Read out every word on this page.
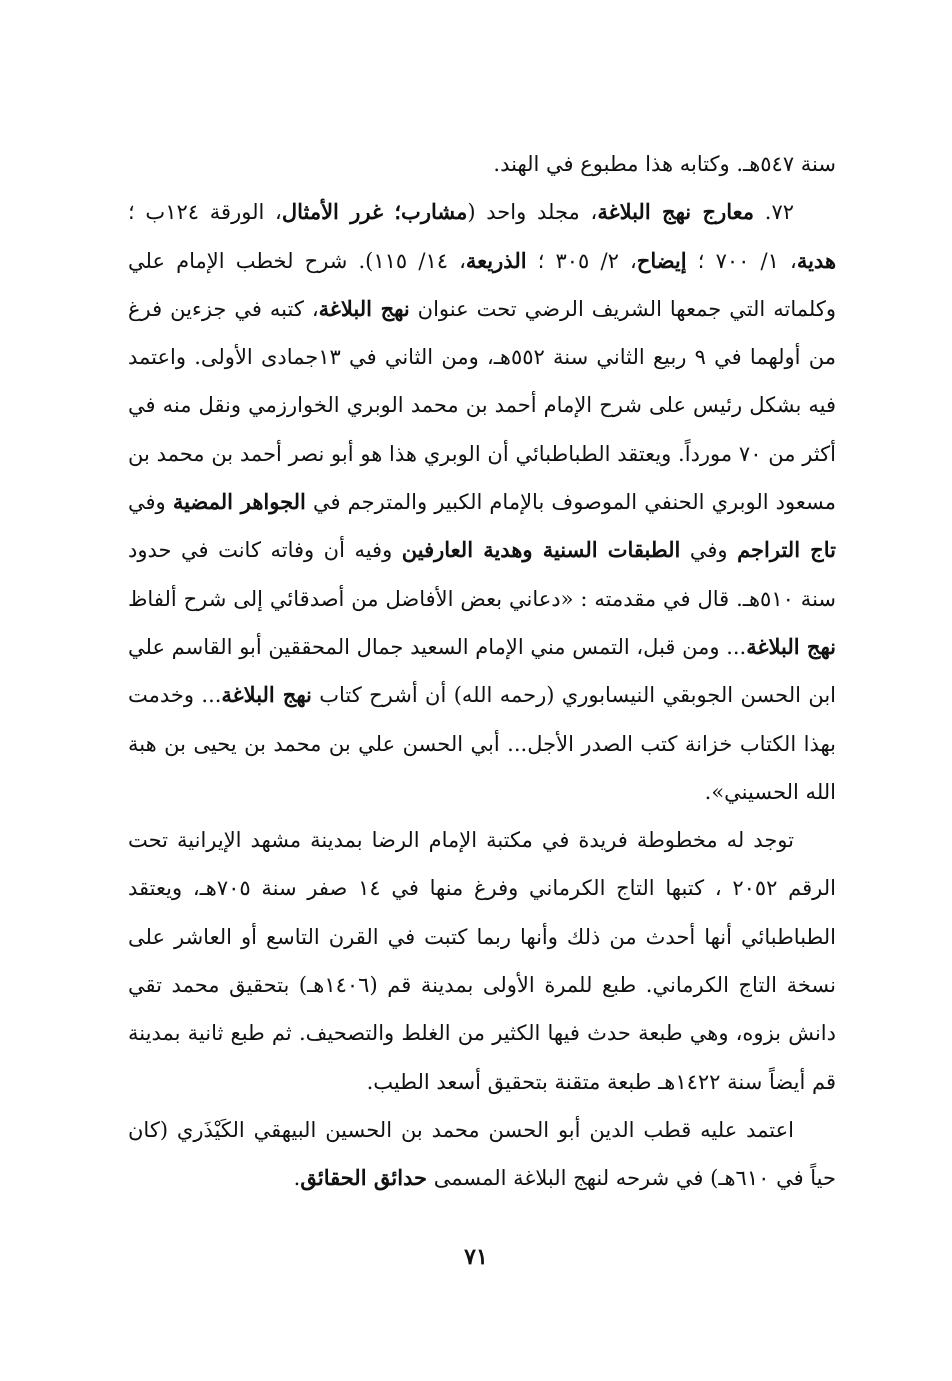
سنة ٥٤٧هـ. وكتابه هذا مطبوع في الهند.

٧٢. معارج نهج البلاغة، مجلد واحد (مشارب؛ غرر الأمثال، الورقة ١٢٤ب ؛ هدية، ١/ ٧٠٠ ؛ إيضاح، ٢/ ٣٠٥ ؛ الذريعة، ١٤/ ١١٥). شرح لخطب الإمام علي وكلماته التي جمعها الشريف الرضي تحت عنوان نهج البلاغة، كتبه في جزءين فرغ من أولهما في ٩ ربيع الثاني سنة ٥٥٢هـ، ومن الثاني في ١٣جمادى الأولى. واعتمد فيه بشكل رئيس على شرح الإمام أحمد بن محمد الوبري الخوارزمي ونقل منه في أكثر من ٧٠ مورداً. ويعتقد الطباطبائي أن الوبري هذا هو أبو نصر أحمد بن محمد بن مسعود الوبري الحنفي الموصوف بالإمام الكبير والمترجم في الجواهر المضية وفي تاج التراجم وفي الطبقات السنية وهدية العارفين وفيه أن وفاته كانت في حدود سنة ٥١٠هـ. قال في مقدمته : «دعاني بعض الأفاضل من أصدقائي إلى شرح ألفاظ نهج البلاغة... ومن قبل، التمس مني الإمام السعيد جمال المحققين أبو القاسم علي ابن الحسن الجوبقي النيسابوري (رحمه الله) أن أشرح كتاب نهج البلاغة... وخدمت بهذا الكتاب خزانة كتب الصدر الأجل... أبي الحسن علي بن محمد بن يحيى بن هبة الله الحسيني».

توجد له مخطوطة فريدة في مكتبة الإمام الرضا بمدينة مشهد الإيرانية تحت الرقم ٢٠٥٢ ، كتبها التاج الكرماني وفرغ منها في ١٤ صفر سنة ٧٠٥هـ، ويعتقد الطباطبائي أنها أحدث من ذلك وأنها ربما كتبت في القرن التاسع أو العاشر على نسخة التاج الكرماني. طبع للمرة الأولى بمدينة قم (١٤٠٦هـ) بتحقيق محمد تقي دانش بزوه، وهي طبعة حدث فيها الكثير من الغلط والتصحيف. ثم طبع ثانية بمدينة قم أيضاً سنة ١٤٢٢هـ طبعة متقنة بتحقيق أسعد الطيب.

اعتمد عليه قطب الدين أبو الحسن محمد بن الحسين البيهقي الكَيْذَري (كان حياً في ٦١٠هـ) في شرحه لنهج البلاغة المسمى حدائق الحقائق.

٧١
